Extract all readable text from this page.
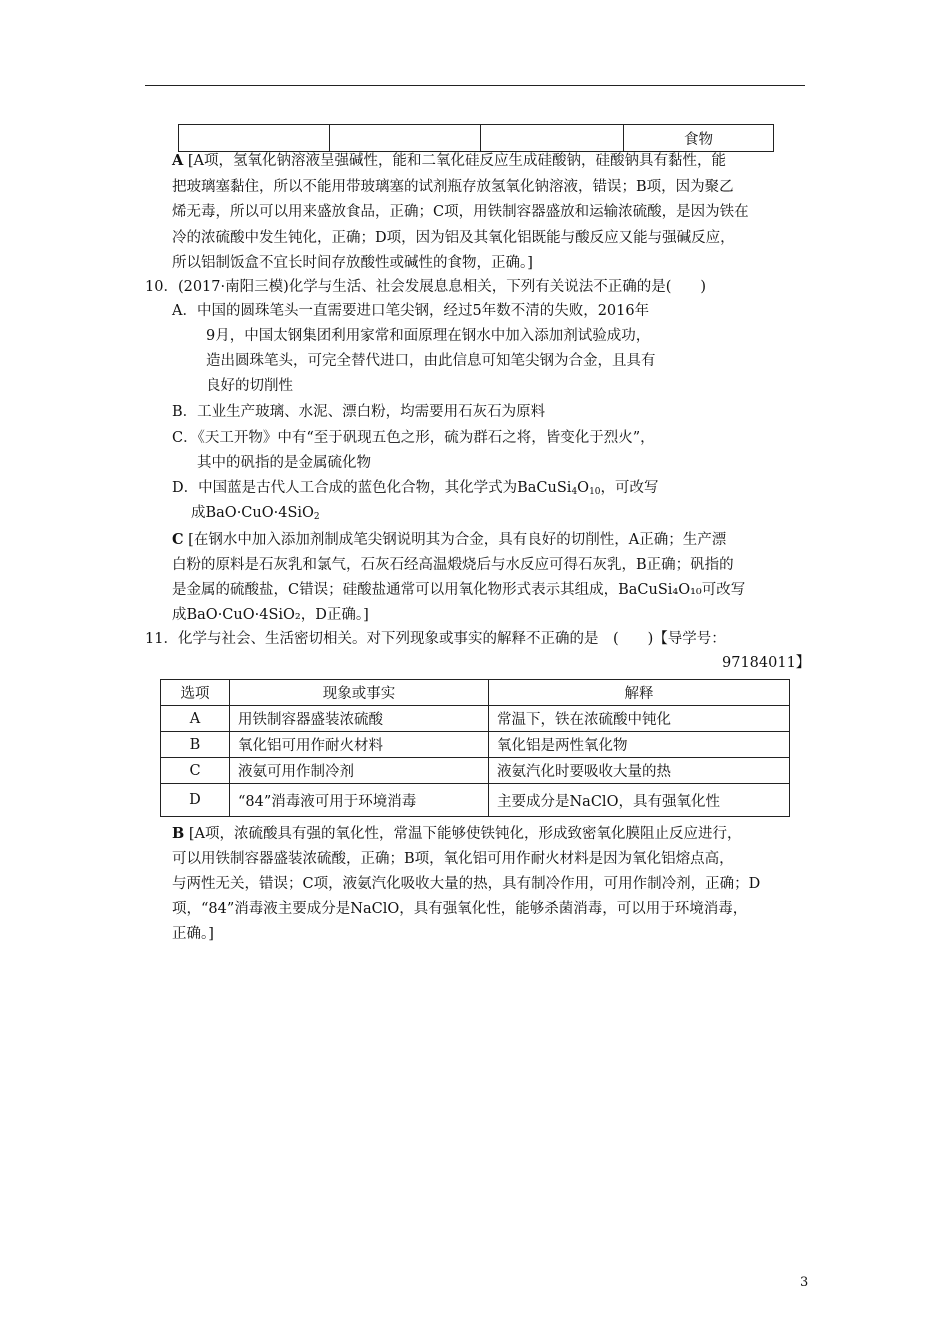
			食物
A [A项，氢氧化钠溶液呈强碱性，能和二氧化硅反应生成硅酸钠，硅酸钠具有黏性，能
把玻璃塞黏住，所以不能用带玻璃塞的试剂瓶存放氢氧化钠溶液，错误；B项，因为聚乙
烯无毒，所以可以用来盛放食品，正确；C项，用铁制容器盛放和运输浓硫酸，是因为铁在
冷的浓硫酸中发生钝化，正确；D项，因为铝及其氧化铝既能与酸反应又能与强碱反应，
所以铝制饭盒不宜长时间存放酸性或碱性的食物，正确。]
10．(2017·南阳三模)化学与生活、社会发展息息相关，下列有关说法不正确的是(　　)
A．中国的圆珠笔头一直需要进口笔尖钢，经过5年数不清的失败，2016年
9月，中国太钢集团利用家常和面原理在钢水中加入添加剂试验成功，
造出圆珠笔头，可完全替代进口，由此信息可知笔尖钢为合金，且具有
良好的切削性
B．工业生产玻璃、水泥、漂白粉，均需要用石灰石为原料
C．《天工开物》中有“至于矾现五色之形，硫为群石之将，皆变化于烈火”，
其中的矾指的是金属硫化物
D．中国蓝是古代人工合成的蓝色化合物，其化学式为$BaCuSi_4O_{10}$，可改写
成BaO·CuO·4SiO$_2$
C [在钢水中加入添加剂制成笔尖钢说明其为合金，具有良好的切削性，A正确；生产漂
白粉的原料是石灰乳和氯气，石灰石经高温煅烧后与水反应可得石灰乳，B正确；矾指的
是金属的硫酸盐，C错误；硅酸盐通常可以用氧化物形式表示其组成，BaCuSi₄O₁₀可改写
成BaO·CuO·4SiO₂，D正确。]
11．化学与社会、生活密切相关。对下列现象或事实的解释不正确的是　(　　)【导学号：
97184011】
选项	现象或事实	解释
A	用铁制容器盛装浓硫酸	常温下，铁在浓硫酸中钝化
B	氧化铝可用作耐火材料	氧化铝是两性氧化物
C	液氨可用作制冷剂	液氨汽化时要吸收大量的热
D	“84”消毒液可用于环境消毒	主要成分是NaClO，具有强氧化性
B [A项，浓硫酸具有强的氧化性，常温下能够使铁钝化，形成致密氧化膜阻止反应进行，
可以用铁制容器盛装浓硫酸，正确；B项，氧化铝可用作耐火材料是因为氧化铝熔点高，
与两性无关，错误；C项，液氨汽化吸收大量的热，具有制冷作用，可用作制冷剂，正确；D
项，“84”消毒液主要成分是NaClO，具有强氧化性，能够杀菌消毒，可以用于环境消毒，
正确。]
3
